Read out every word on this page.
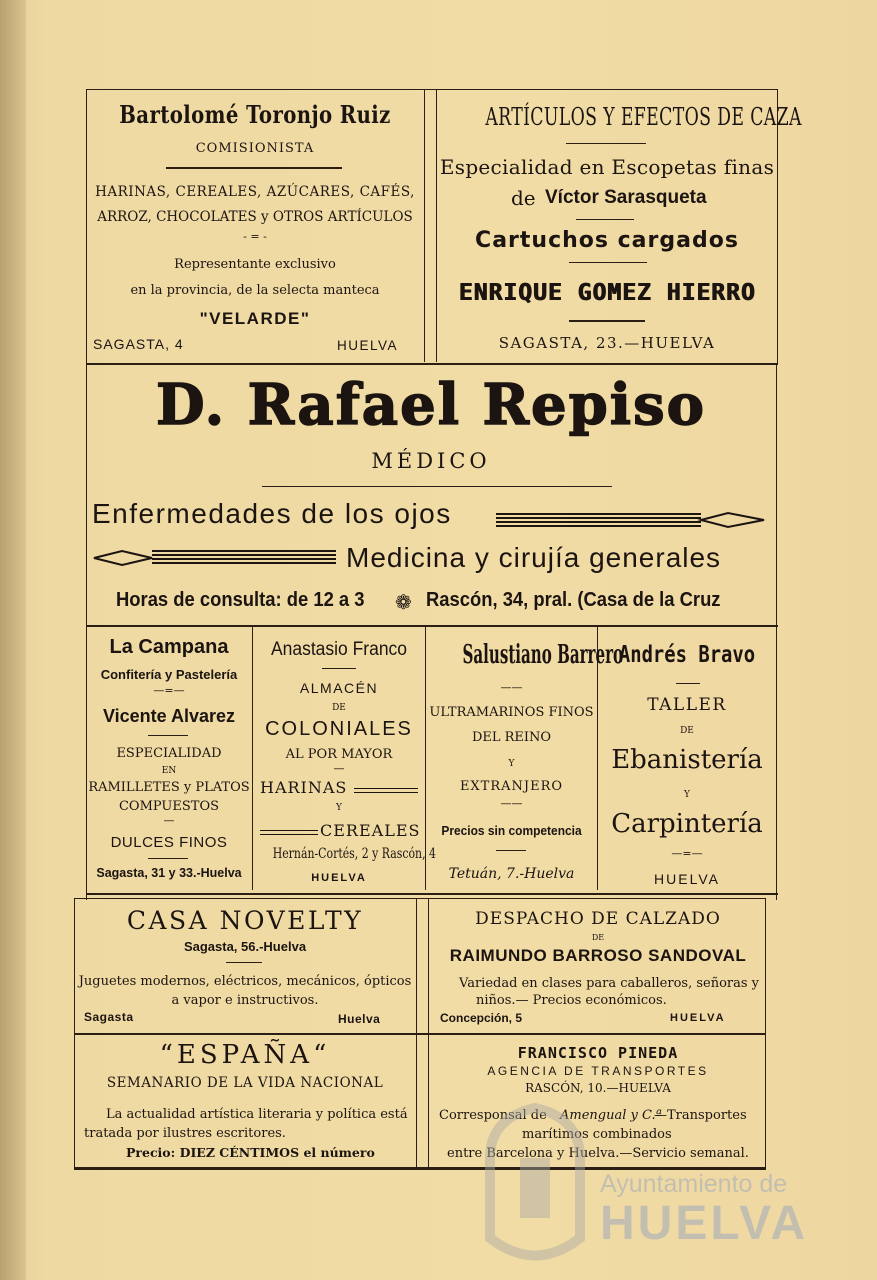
Bartolomé Toronjo Ruiz
COMISIONISTA
HARINAS, CEREALES, AZÚCARES, CAFÉS,
ARROZ, CHOCOLATES y OTROS ARTÍCULOS
- = -
Representante exclusivo
en la provincia, de la selecta manteca
"VELARDE"
SAGASTA, 4	HUELVA
ARTÍCULOS Y EFECTOS DE CAZA
Especialidad en Escopetas finas
de Víctor Sarasqueta
Cartuchos cargados
ENRIQUE GOMEZ HIERRO
SAGASTA, 23.—HUELVA
D. Rafael Repiso
MÉDICO
Enfermedades de los ojos
Medicina y cirujía generales
Horas de consulta: de 12 a 3 ❁ Rascón, 34, pral. (Casa de la Cruz
La Campana
Confitería y Pastelería
—=—
Vicente Alvarez
ESPECIALIDAD
EN
RAMILLETES y PLATOS
COMPUESTOS
—
DULCES FINOS
Sagasta, 31 y 33.-Huelva
Anastasio Franco
ALMACÉN
DE
COLONIALES
AL POR MAYOR
—
HARINAS
Y
CEREALES
Hernán-Cortés, 2 y Rascón, 4
HUELVA
Salustiano Barrero
——
ULTRAMARINOS FINOS
DEL REINO
Y
EXTRANJERO
——
Precios sin competencia
Tetuán, 7.-Huelva
Andrés Bravo
TALLER
DE
Ebanistería
Y
Carpintería
—=—
HUELVA
CASA NOVELTY
Sagasta, 56.-Huelva
Juguetes modernos, eléctricos, mecánicos, ópticos
a vapor e instructivos.
Sagasta	Huelva
DESPACHO DE CALZADO
DE
RAIMUNDO BARROSO SANDOVAL
Variedad en clases para caballeros, señoras y
niños.— Precios económicos.
Concepción, 5	HUELVA
“ESPAÑA“
SEMANARIO DE LA VIDA NACIONAL
La actualidad artística literaria y política está
tratada por ilustres escritores.
Precio: DIEZ CÉNTIMOS el número
FRANCISCO PINEDA
AGENCIA DE TRANSPORTES
RASCÓN, 10.—HUELVA
Corresponsal de Amengual y C.ª
—Transportes
marítimos combinados
entre Barcelona y Huelva.—Servicio semanal.
Ayuntamiento de
HUELVA
